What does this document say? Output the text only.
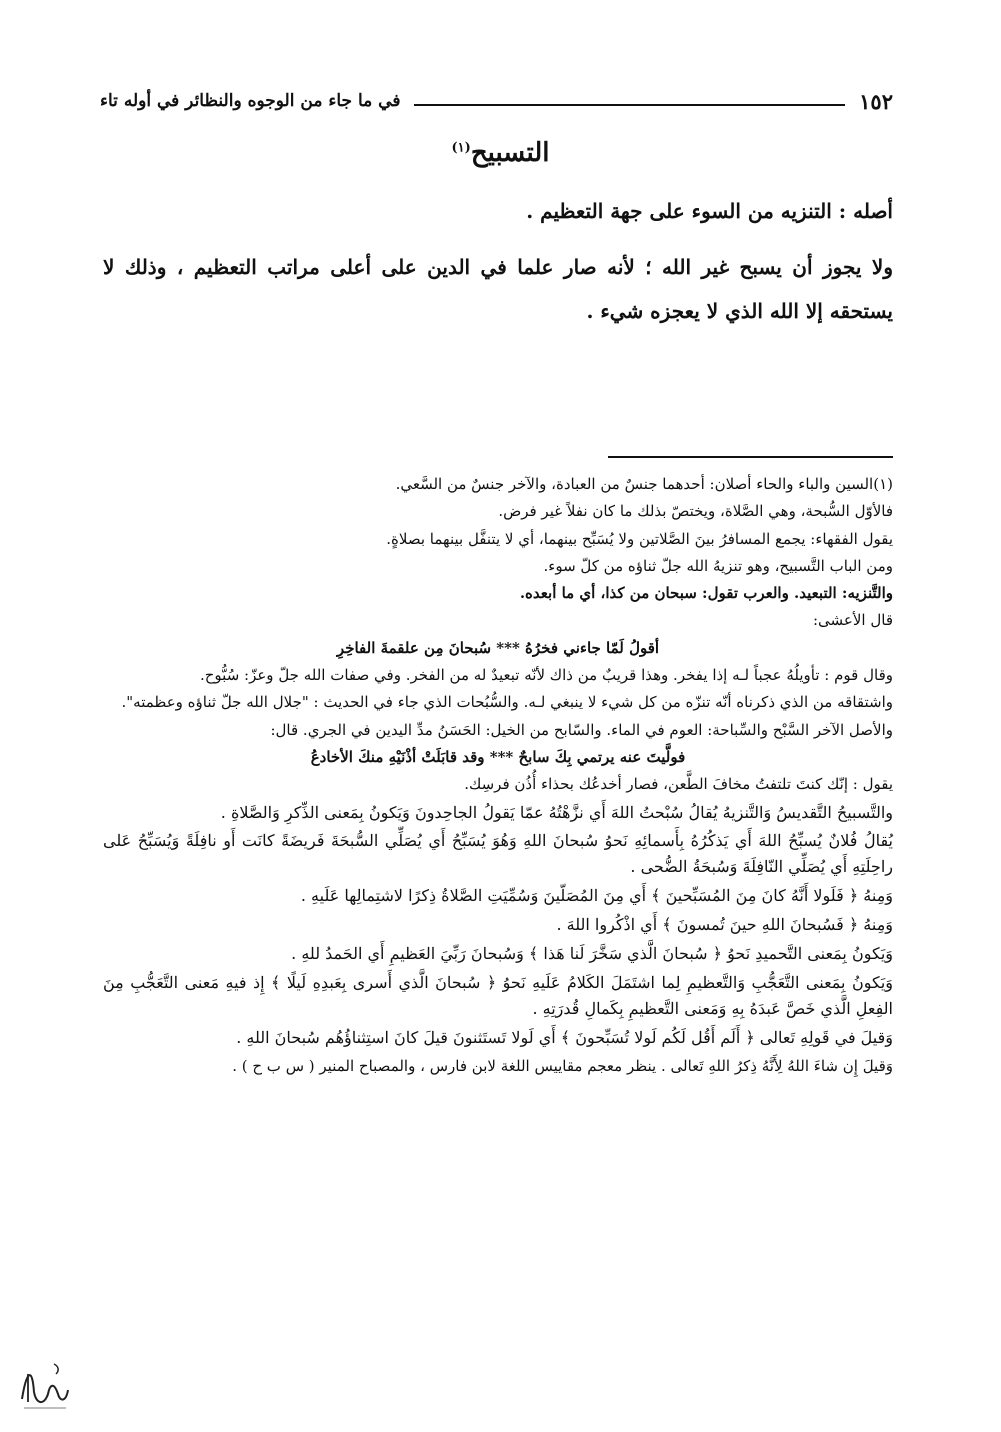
١٥٢
في ما جاء من الوجوه والنظائر في أوله تاء
التسبيح$^{(١)}$

أصله : التنزيه من السوء على جهة التعظيم .

ولا يجوز أن يسبح غير الله ؛ لأنه صار علما في الدين على أعلى مراتب التعظيم ، وذلك لا يستحقه إلا الله الذي لا يعجزه شيء .

(١)السين والباء والحاء أصلان: أحدهما جنسٌ من العبادة، والآخر جنسٌ من السَّعي.

فالأوّل السُّبحة، وهي الصَّلاة، ويختصّ بذلك ما كان نفلاً غير فرض.

يقول الفقهاء: يجمع المسافرُ بينَ الصَّلاتين ولا يُسَبِّح بينهما، أي لا يتنفَّل بينهما بصلاةٍ.

ومن الباب التَّسبيح، وهو تنزيهُ الله جلّ ثناؤه من كلّ سوء.

والتَّنزيه: التبعيد. والعرب تقول: سبحان من كذا، أي ما أبعده.

قال الأعشى:

أقولُ لَمّا جاءني فخرُهُ *** سُبحانَ مِن علقمةَ الفاخِرِ

وقال قوم : تأويلُهُ عجباً لـه إذا يفخر. وهذا قريبٌ من ذاك لأنّه تبعيدٌ له من الفخر. وفي صفات الله جلّ وعزّ: سُبُّوح.

واشتقاقه من الذي ذكرناه أنّه تنزّه من كل شيء لا ينبغي لـه. والسُّبُحات الذي جاء في الحديث : "جلال الله جلّ ثناؤه وعظمته".

والأصل الآخر السَّبْح والسِّباحة: العوم في الماء. والسّابح من الخيل: الحَسَنُ مدِّ اليدين في الجري. قال:

فولَّيتَ عنه يرتمي بِكَ سابحٌ *** وقد قابَلَتْ أذْنَيْهِ منكَ الأخادعُ

يقول : إنّك كنتَ تلتفتُ مخافَ الطَّعن، فصار أخدعُك بحذاء أُذُن فرسِك.

والتَّسبيحُ التَّقديسُ وَالتَّنزيهُ يُقالُ سُبْحتُ اللهَ أَي نزَّهْتُهُ عمّا يَقولُ الجاحِدونَ وَيَكونُ بِمَعنى الذِّكرِ وَالصَّلاةِ .

يُقالُ فُلانٌ يُسبِّحُ اللهَ أَي يَذكُرُهُ بِأَسمائِهِ نَحوُ سُبحانَ اللهِ وَهُوَ يُسَبِّحُ أَي يُصَلِّي السُّبحَةَ فَريضَةً كانَت أَو نافِلَةً وَيُسَبِّحُ عَلى راحِلَتِهِ أَي يُصَلِّي النّافِلَةَ وَسُبحَةُ الضُّحى .

وَمِنهُ ﴿ فَلَولا أَنَّهُ كانَ مِنَ المُسَبِّحينَ ﴾ أَي مِنَ المُصَلّينَ وَسُمِّيَتِ الصَّلاةُ ذِكرًا لاشتِمالِها عَلَيهِ .

وَمِنهُ ﴿ فَسُبحانَ اللهِ حينَ تُمسونَ ﴾ أَي اذْكُروا اللهَ .

وَيَكونُ بِمَعنى التَّحميدِ نَحوُ ﴿ سُبحانَ الَّذي سَخَّرَ لَنا هَذا ﴾ وَسُبحانَ رَبِّيَ العَظيمِ أَي الحَمدُ للهِ .

وَيَكونُ بِمَعنى التَّعَجُّبِ وَالتَّعظيمِ لِما اشتَمَلَ الكَلامُ عَلَيهِ نَحوُ ﴿ سُبحانَ الَّذي أَسرى بِعَبدِهِ لَيلًا ﴾ إِذ فيهِ مَعنى التَّعَجُّبِ مِنَ الفِعلِ الَّذي خَصَّ عَبدَهُ بِهِ وَمَعنى التَّعظيمِ بِكَمالِ قُدرَتِهِ .

وَقيلَ في قَولِهِ تَعالى ﴿ أَلَم أَقُل لَكُم لَولا تُسَبِّحونَ ﴾ أَي لَولا تَستَثنونَ قيلَ كانَ استِثناؤُهُم سُبحانَ اللهِ .

وَقيلَ إِن شاءَ اللهُ لِأَنَّهُ ذِكرُ اللهِ تَعالى . ينظر معجم مقاييس اللغة لابن فارس ، والمصباح المنير ( س ب ح ) .
